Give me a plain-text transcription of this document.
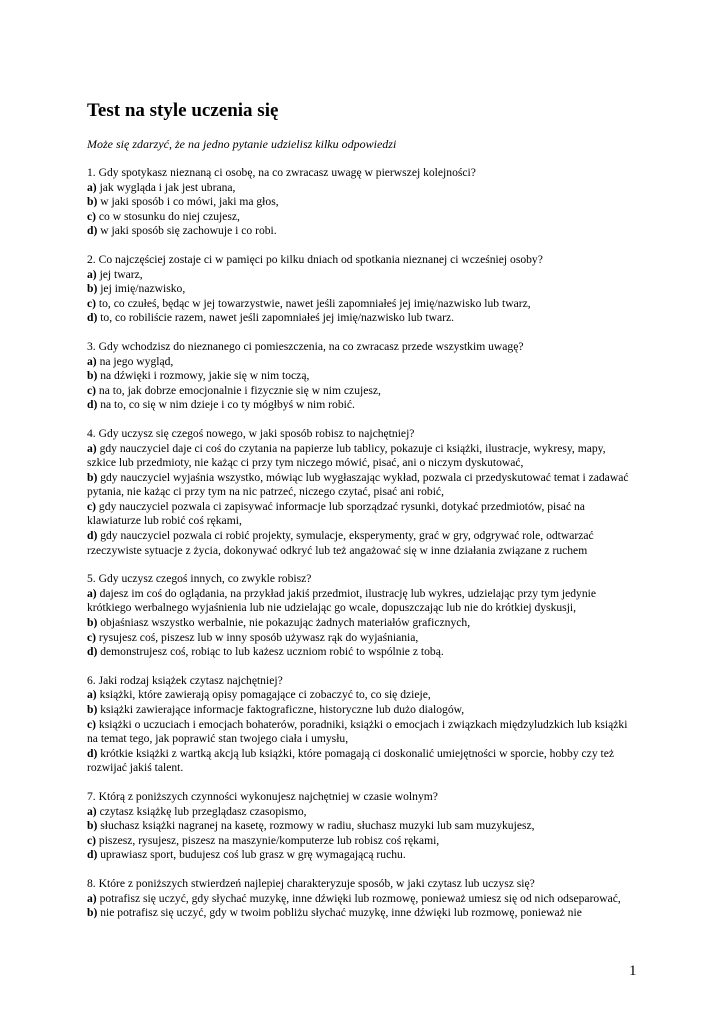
Test na style uczenia się

Może się zdarzyć, że na jedno pytanie udzielisz kilku odpowiedzi

1. Gdy spotykasz nieznaną ci osobę, na co zwracasz uwagę w pierwszej kolejności?

a) jak wygląda i jak jest ubrana,

b) w jaki sposób i co mówi, jaki ma głos,

c) co w stosunku do niej czujesz,

d) w jaki sposób się zachowuje i co robi.

2. Co najczęściej zostaje ci w pamięci po kilku dniach od spotkania nieznanej ci wcześniej osoby?

a) jej twarz,

b) jej imię/nazwisko,

c) to, co czułeś, będąc w jej towarzystwie, nawet jeśli zapomniałeś jej imię/nazwisko lub twarz,

d) to, co robiliście razem, nawet jeśli zapomniałeś jej imię/nazwisko lub twarz.

3. Gdy wchodzisz do nieznanego ci pomieszczenia, na co zwracasz przede wszystkim uwagę?

a) na jego wygląd,

b) na dźwięki i rozmowy, jakie się w nim toczą,

c) na to, jak dobrze emocjonalnie i fizycznie się w nim czujesz,

d) na to, co się w nim dzieje i co ty mógłbyś w nim robić.

4. Gdy uczysz się czegoś nowego, w jaki sposób robisz to najchętniej?

a) gdy nauczyciel daje ci coś do czytania na papierze lub tablicy, pokazuje ci książki, ilustracje, wykresy, mapy, szkice lub przedmioty, nie każąc ci przy tym niczego mówić, pisać, ani o niczym dyskutować,

b) gdy nauczyciel wyjaśnia wszystko, mówiąc lub wygłaszając wykład, pozwala ci przedyskutować temat i zadawać pytania, nie każąc ci przy tym na nic patrzeć, niczego czytać, pisać ani robić,

c) gdy nauczyciel pozwala ci zapisywać informacje lub sporządzać rysunki, dotykać przedmiotów, pisać na klawiaturze lub robić coś rękami,

d) gdy nauczyciel pozwala ci robić projekty, symulacje, eksperymenty, grać w gry, odgrywać role, odtwarzać rzeczywiste sytuacje z życia, dokonywać odkryć lub też angażować się w inne działania związane z ruchem

5. Gdy uczysz czegoś innych, co zwykle robisz?

a) dajesz im coś do oglądania, na przykład jakiś przedmiot, ilustrację lub wykres, udzielając przy tym jedynie krótkiego werbalnego wyjaśnienia lub nie udzielając go wcale, dopuszczając lub nie do krótkiej dyskusji,

b) objaśniasz wszystko werbalnie, nie pokazując żadnych materiałów graficznych,

c) rysujesz coś, piszesz lub w inny sposób używasz rąk do wyjaśniania,

d) demonstrujesz coś, robiąc to lub każesz uczniom robić to wspólnie z tobą.

6. Jaki rodzaj książek czytasz najchętniej?

a) książki, które zawierają opisy pomagające ci zobaczyć to, co się dzieje,

b) książki zawierające informacje faktograficzne, historyczne lub dużo dialogów,

c) książki o uczuciach i emocjach bohaterów, poradniki, książki o emocjach i związkach międzyludzkich lub książki na temat tego, jak poprawić stan twojego ciała i umysłu,

d) krótkie książki z wartką akcją lub książki, które pomagają ci doskonalić umiejętności w sporcie, hobby czy też rozwijać jakiś talent.

7. Którą z poniższych czynności wykonujesz najchętniej w czasie wolnym?

a) czytasz książkę lub przeglądasz czasopismo,

b) słuchasz książki nagranej na kasetę, rozmowy w radiu, słuchasz muzyki lub sam muzykujesz,

c) piszesz, rysujesz, piszesz na maszynie/komputerze lub robisz coś rękami,

d) uprawiasz sport, budujesz coś lub grasz w grę wymagającą ruchu.

8. Które z poniższych stwierdzeń najlepiej charakteryzuje sposób, w jaki czytasz lub uczysz się?

a) potrafisz się uczyć, gdy słychać muzykę, inne dźwięki lub rozmowę, ponieważ umiesz się od nich odseparować,

b) nie potrafisz się uczyć, gdy w twoim pobliżu słychać muzykę, inne dźwięki lub rozmowę, ponieważ nie

1
